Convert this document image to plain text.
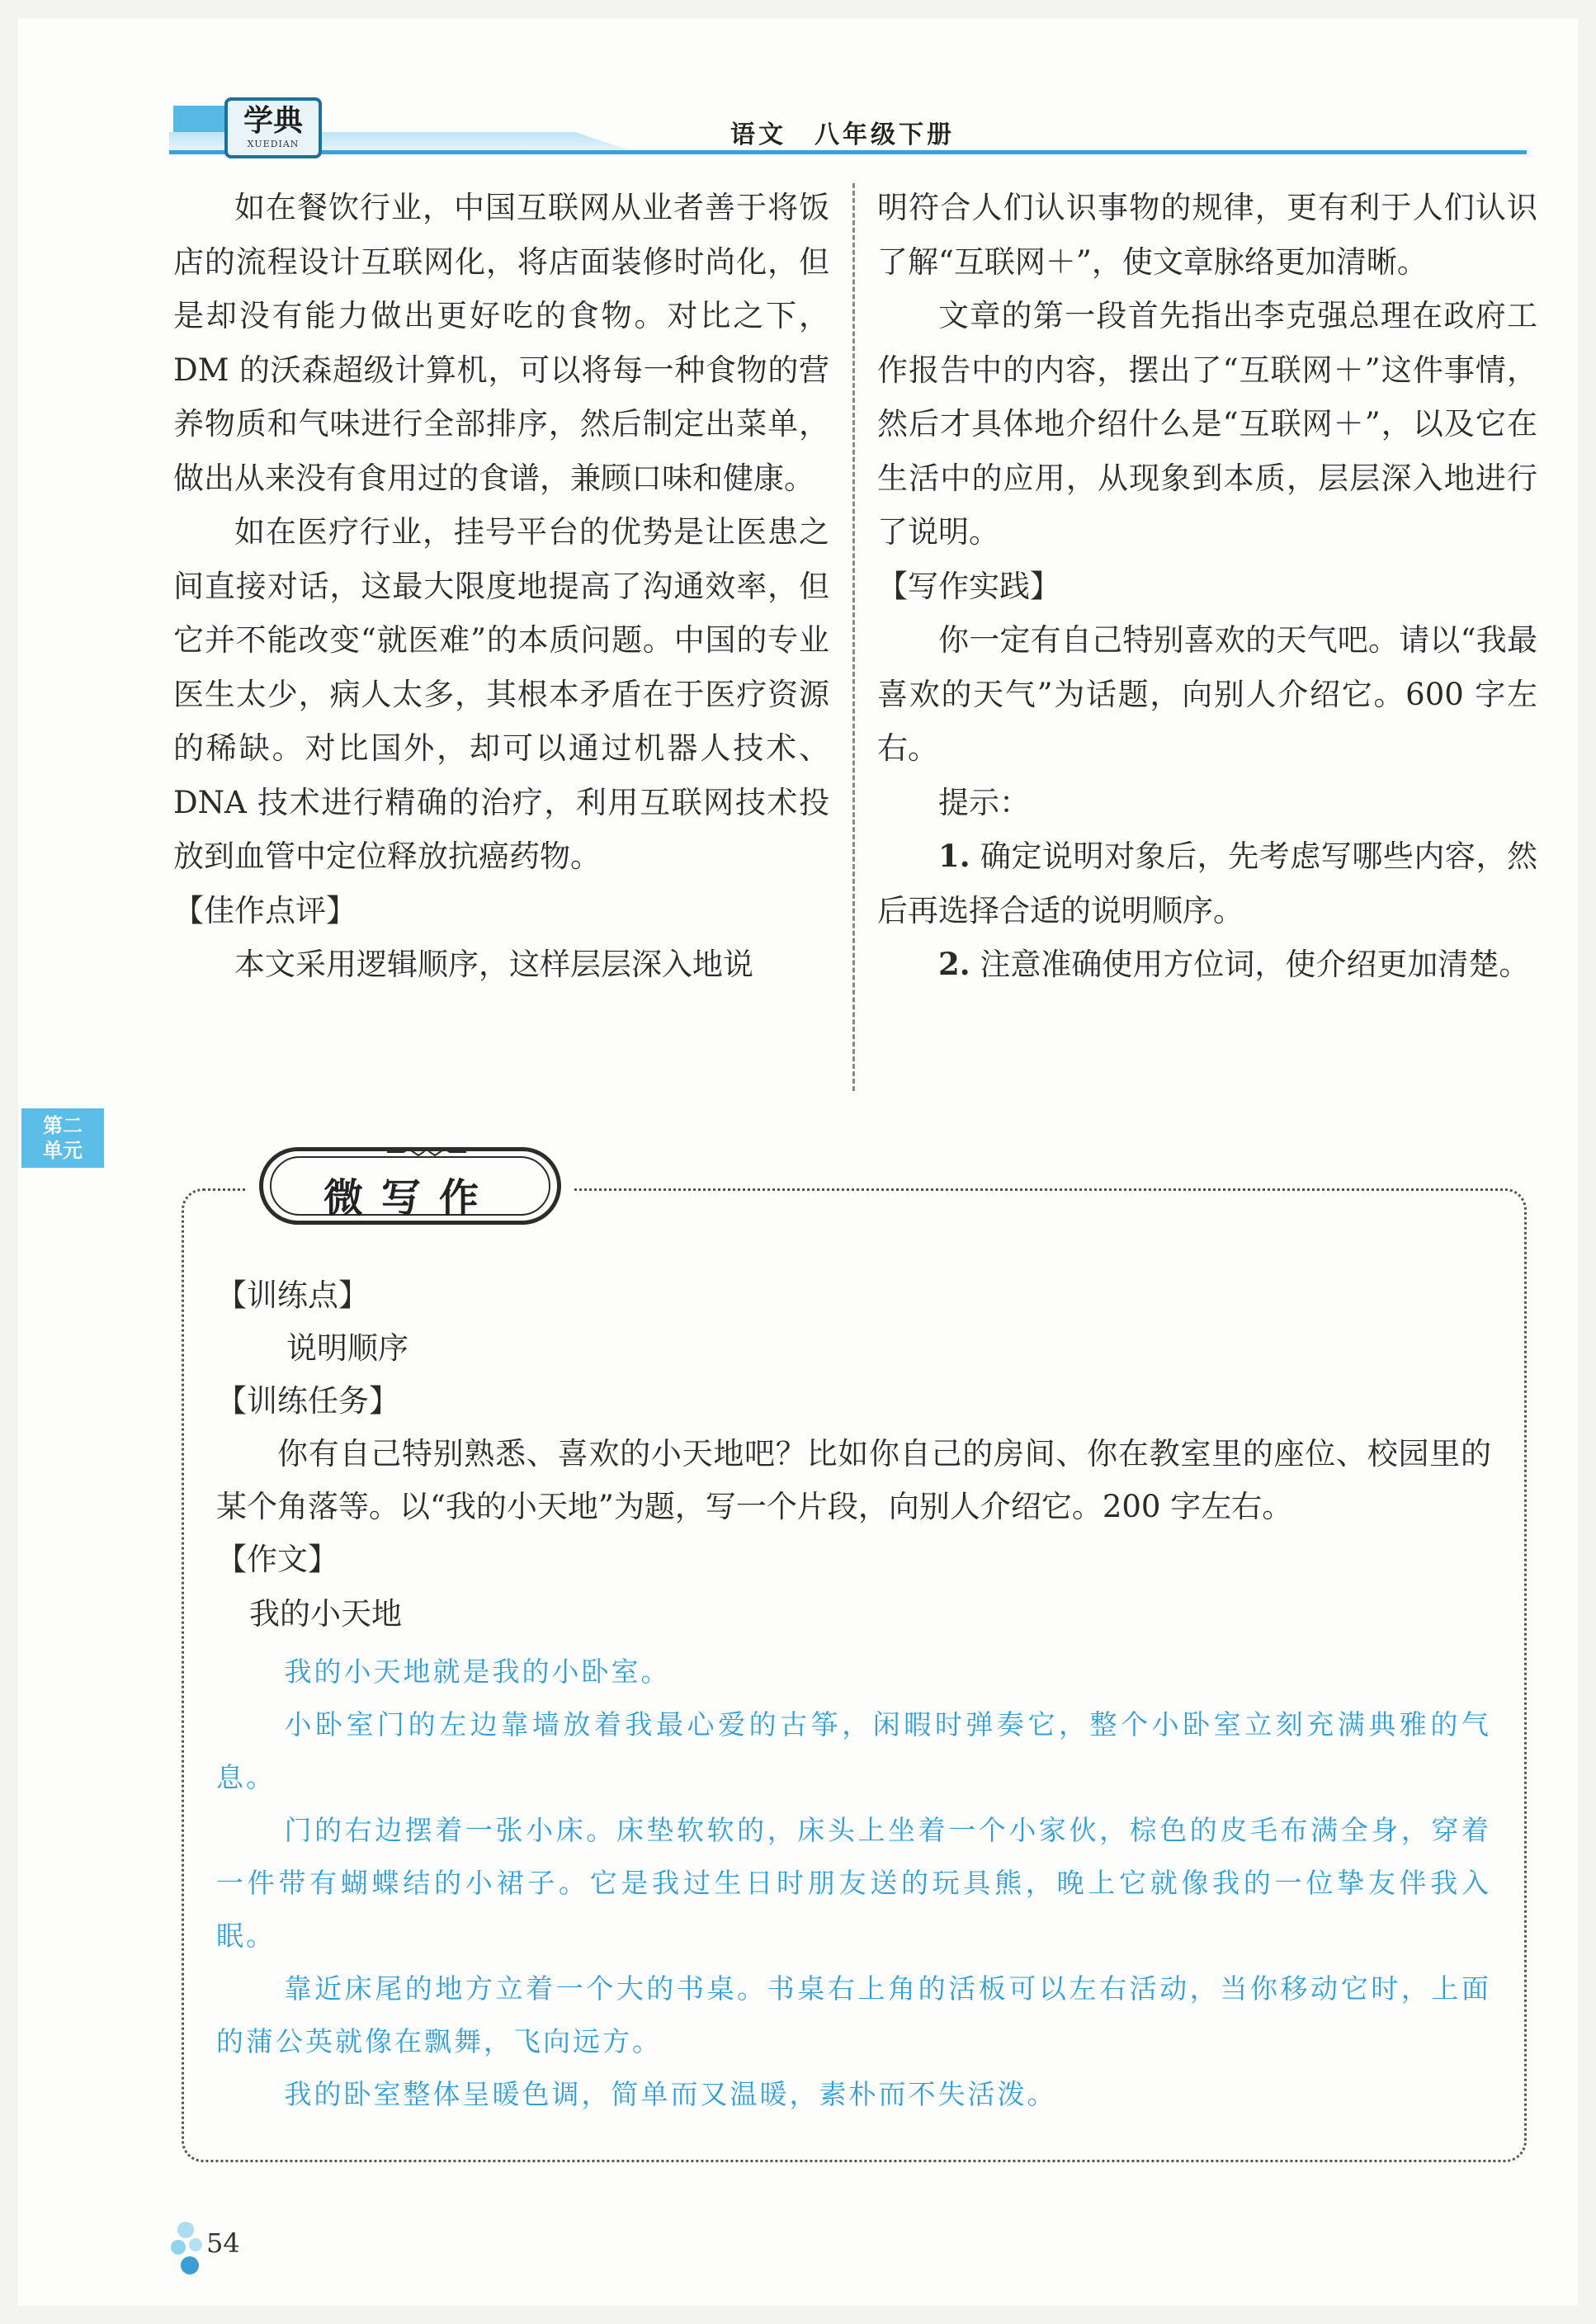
学典
XUEDIAN	语文　八年级下册

如在餐饮行业，中国互联网从业者善于将饭店的流程设计互联网化，将店面装修时尚化，但是却没有能力做出更好吃的食物。对比之下，DM 的沃森超级计算机，可以将每一种食物的营养物质和气味进行全部排序，然后制定出菜单，做出从来没有食用过的食谱，兼顾口味和健康。

如在医疗行业，挂号平台的优势是让医患之间直接对话，这最大限度地提高了沟通效率，但它并不能改变“就医难”的本质问题。中国的专业医生太少，病人太多，其根本矛盾在于医疗资源的稀缺。对比国外，却可以通过机器人技术、DNA 技术进行精确的治疗，利用互联网技术投放到血管中定位释放抗癌药物。

【佳作点评】

本文采用逻辑顺序，这样层层深入地说

明符合人们认识事物的规律，更有利于人们认识了解“互联网＋”，使文章脉络更加清晰。

文章的第一段首先指出李克强总理在政府工作报告中的内容，摆出了“互联网＋”这件事情，然后才具体地介绍什么是“互联网＋”，以及它在生活中的应用，从现象到本质，层层深入地进行了说明。

【写作实践】

你一定有自己特别喜欢的天气吧。请以“我最喜欢的天气”为话题，向别人介绍它。600 字左右。

提示：

1. 确定说明对象后，先考虑写哪些内容，然后再选择合适的说明顺序。

2. 注意准确使用方位词，使介绍更加清楚。

第二
单元
微写作

【训练点】

说明顺序

【训练任务】

你有自己特别熟悉、喜欢的小天地吧？比如你自己的房间、你在教室里的座位、校园里的某个角落等。以“我的小天地”为题，写一个片段，向别人介绍它。200 字左右。

【作文】

我的小天地

我的小天地就是我的小卧室。

小卧室门的左边靠墙放着我最心爱的古筝，闲暇时弹奏它，整个小卧室立刻充满典雅的气息。

门的右边摆着一张小床。床垫软软的，床头上坐着一个小家伙，棕色的皮毛布满全身，穿着一件带有蝴蝶结的小裙子。它是我过生日时朋友送的玩具熊，晚上它就像我的一位挚友伴我入眠。

靠近床尾的地方立着一个大的书桌。书桌右上角的活板可以左右活动，当你移动它时，上面的蒲公英就像在飘舞，飞向远方。

我的卧室整体呈暖色调，简单而又温暖，素朴而不失活泼。

54
